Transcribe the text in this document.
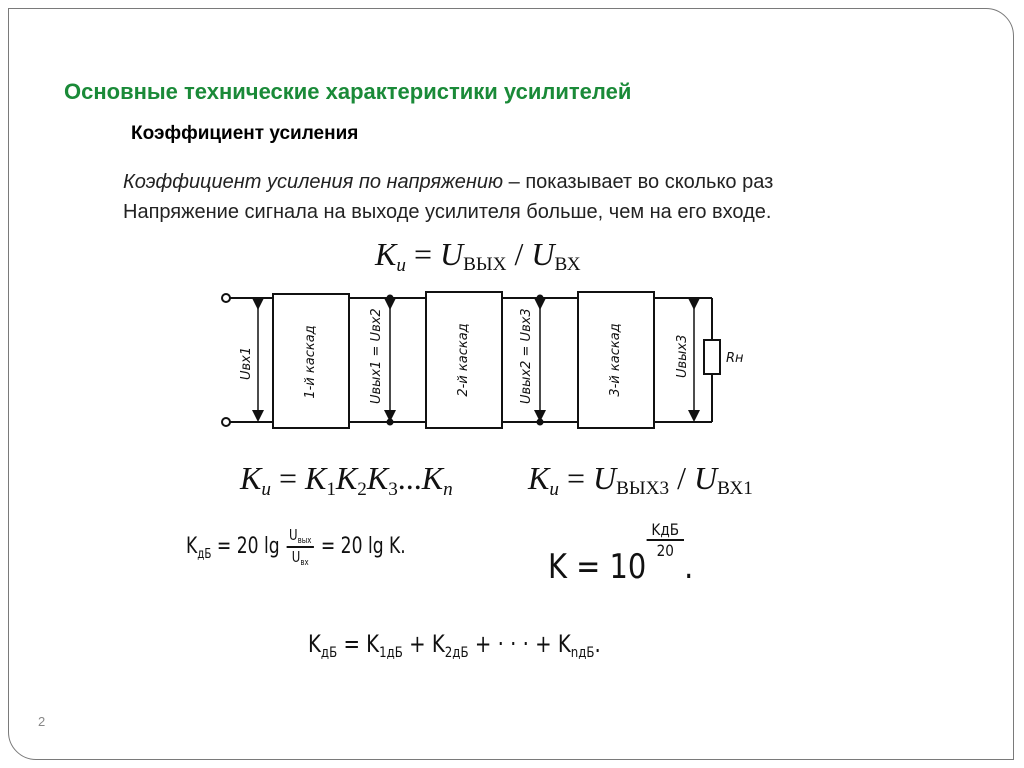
Основные технические характеристики усилителей
Коэффициент усиления
Коэффициент усиления по напряжению – показывает во сколько раз
Напряжение сигнала на выходе усилителя больше, чем на его входе.
$K_и$ = UВЫХ / UВХ
Rн
Uвх1	Uвых1 = Uвх2	Uвых2 = Uвх3	Uвых3
1-й каскад	2-й каскад	3-й каскад
$K_и = K_1K_2K_3...K_n$ $K_и$ = UВЫХ3 / UВХ1
$K_{дБ} = 20$ $\lg \frac{U_{вых}}{U_{вх}} = 20$ lg K.
K = 10
$\frac{\text{KдБ}}{20}$
.
$K_{дБ} = K_{1дБ} + K_{2дБ}$ + · · · + $K_{nдБ}$.
2
